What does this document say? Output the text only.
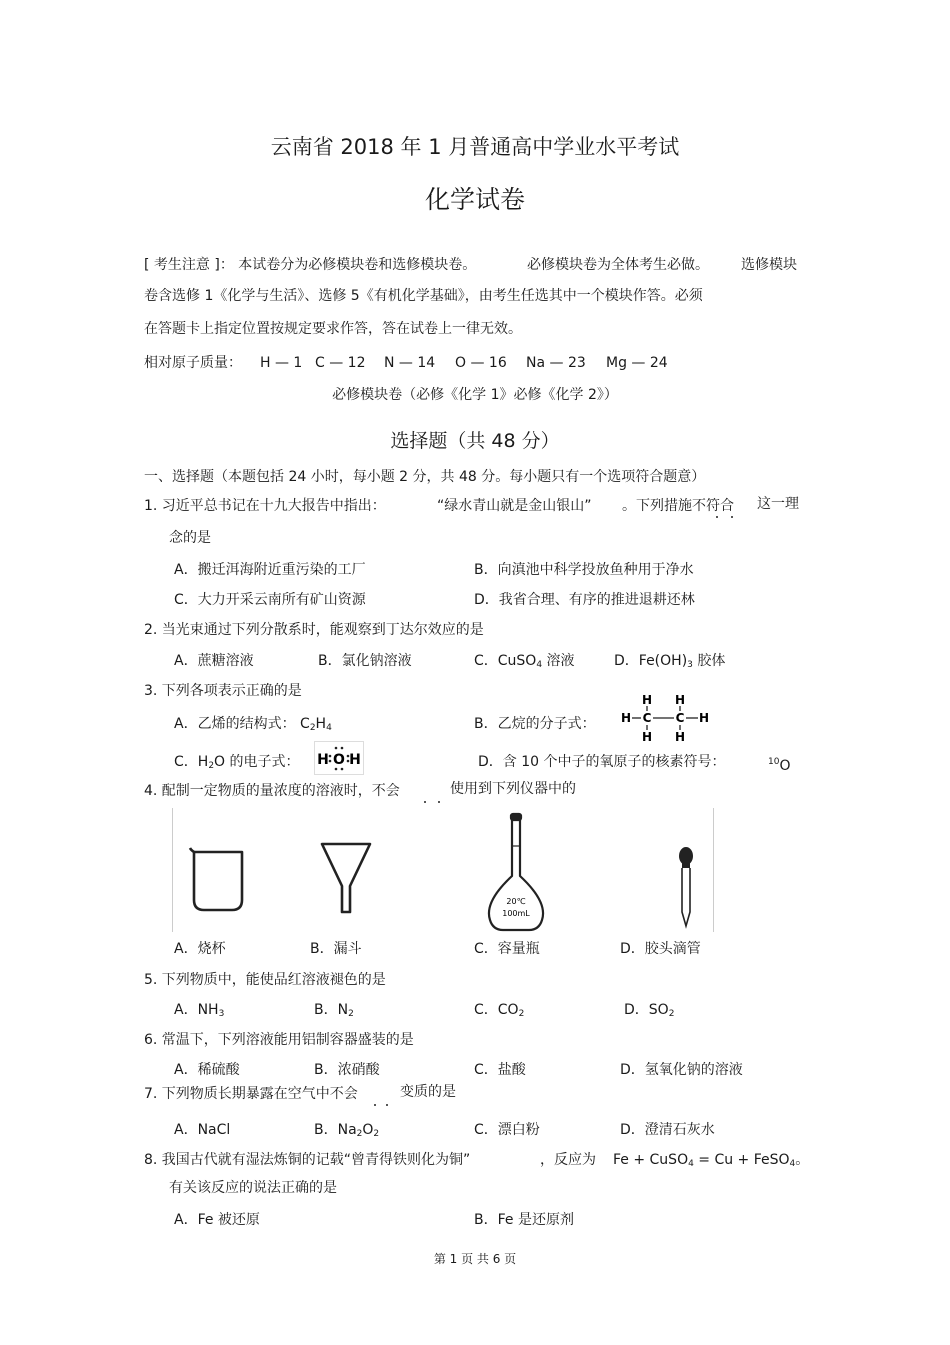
云南省 2018 年 1 月普通高中学业水平考试
化学试卷
[ 考生注意 ]： 本试卷分为必修模块卷和选修模块卷。	必修模块卷为全体考生必做。 选修模块
卷含选修 1《化学与生活》、选修 5《有机化学基础》，由考生任选其中一个模块作答。必须
在答题卡上指定位置按规定要求作答，答在试卷上一律无效。
相对原子质量： H — 1 C — 12 N — 14 O — 16 Na — 23 Mg — 24
必修模块卷（必修《化学 1》必修《化学 2》）
选择题（共 48 分）
一、选择题（本题包括 24 小时，每小题 2 分，共 48 分。每小题只有一个选项符合题意）
1. 习近平总书记在十九大报告中指出：	“绿水青山就是金山银山” 。下列措施不符合 这一理
念的是
A．搬迁洱海附近重污染的工厂	B．向滇池中科学投放鱼种用于净水
C．大力开采云南所有矿山资源	D．我省合理、有序的推进退耕还林
2. 当光束通过下列分散系时，能观察到丁达尔效应的是
A．蔗糖溶液	B．氯化钠溶液	C．CuSO$_4$ 溶液	D．$Fe(OH)_3$ 胶体
3. 下列各项表示正确的是
A．乙烯的结构式： $C_2H_4$	B．乙烷的分子式：
H H
H C C H
H H
C．$H_2O$ 的电子式： H O H	D．含 10 个中子的氧原子的核素符号：	$^{10}$O
4. 配制一定物质的量浓度的溶液时，不会	使用到下列仪器中的
20℃
100mL
A．烧杯	B．漏斗	C．容量瓶	D．胶头滴管
5. 下列物质中，能使品红溶液褪色的是
A．$NH_3$	B．$N_2$	C．$CO_2$	D．$SO_2$
6. 常温下，下列溶液能用铝制容器盛装的是
A．稀硫酸	B．浓硝酸	C．盐酸	D．氢氧化钠的溶液
7. 下列物质长期暴露在空气中不会	变质的是
A．NaCl	B．$Na_2O_2$	C．漂白粉	D．澄清石灰水
8. 我国古代就有湿法炼铜的记载“曾青得铁则化为铜”	，反应为 Fe + CuSO$_4$ = Cu + FeSO$_4$。
有关该反应的说法正确的是
A．Fe 被还原	B．Fe 是还原剂
第 1 页 共 6 页
